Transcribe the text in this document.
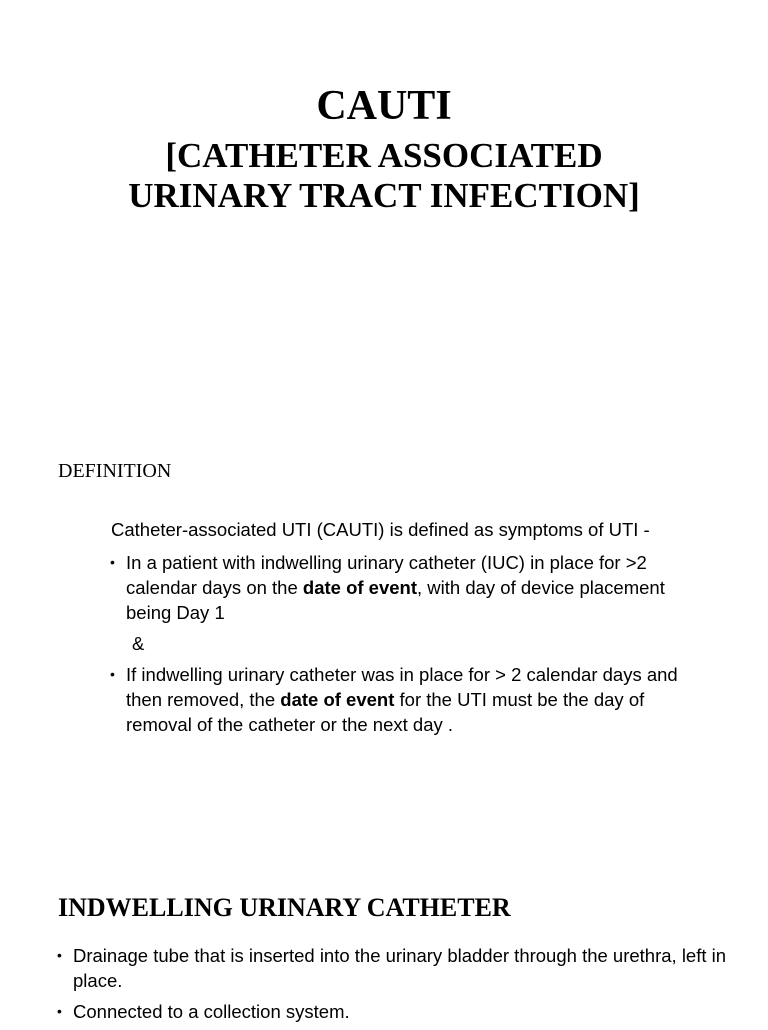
CAUTI

[CATHETER ASSOCIATED
URINARY TRACT INFECTION]

DEFINITION

Catheter-associated UTI (CAUTI) is defined as symptoms of UTI -

• In a patient with indwelling urinary catheter (IUC) in place for >2 calendar days on the date of event, with day of device placement being Day 1
&
• If indwelling urinary catheter was in place for > 2 calendar days and then removed, the date of event for the UTI must be the day of removal of the catheter or the next day .
INDWELLING URINARY CATHETER
• Drainage tube that is inserted into the urinary bladder through the urethra, left in place.
• Connected to a collection system.
